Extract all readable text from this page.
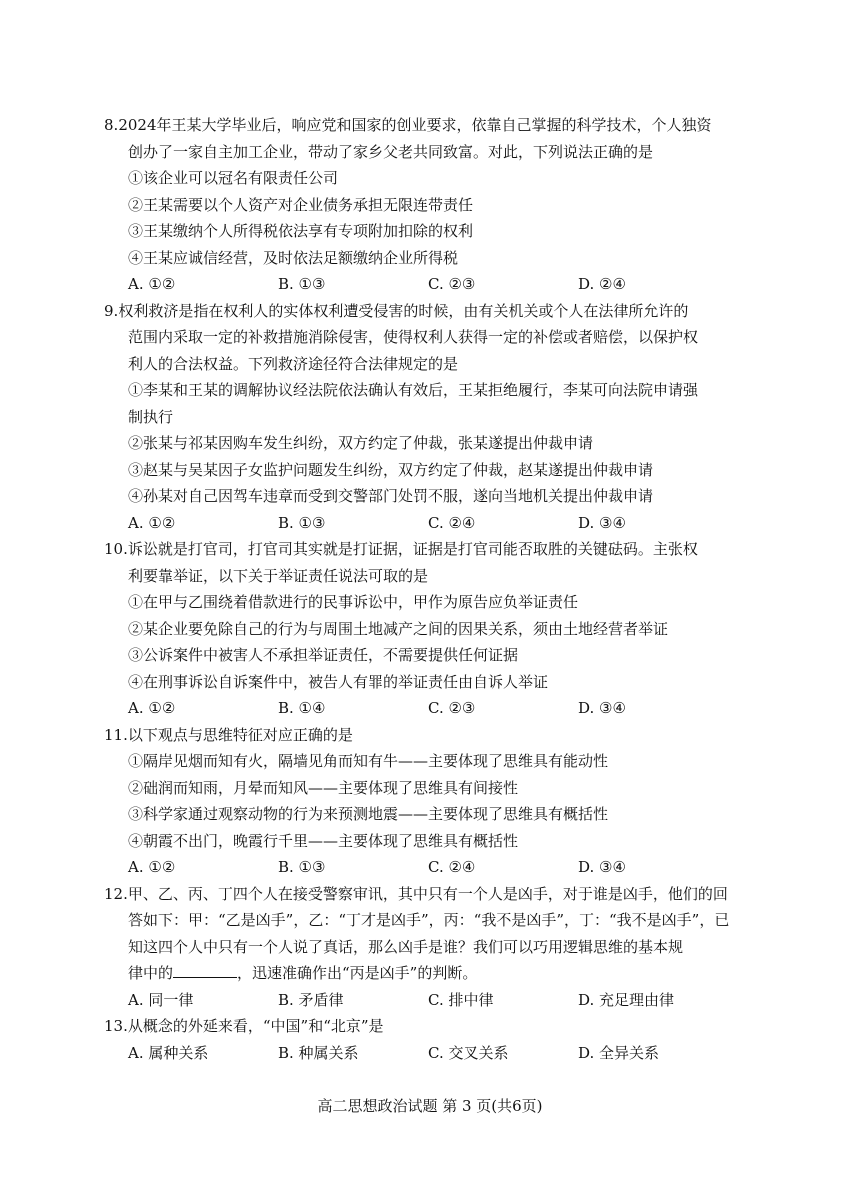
8.2024年王某大学毕业后，响应党和国家的创业要求，依靠自己掌握的科学技术，个人独资

创办了一家自主加工企业，带动了家乡父老共同致富。对此，下列说法正确的是

①该企业可以冠名有限责任公司

②王某需要以个人资产对企业债务承担无限连带责任

③王某缴纳个人所得税依法享有专项附加扣除的权利

④王某应诚信经营，及时依法足额缴纳企业所得税

A. ①②	B. ①③	C. ②③	D. ②④

9.权利救济是指在权利人的实体权利遭受侵害的时候，由有关机关或个人在法律所允许的

范围内采取一定的补救措施消除侵害，使得权利人获得一定的补偿或者赔偿，以保护权

利人的合法权益。下列救济途径符合法律规定的是

①李某和王某的调解协议经法院依法确认有效后，王某拒绝履行，李某可向法院申请强

制执行

②张某与祁某因购车发生纠纷，双方约定了仲裁，张某遂提出仲裁申请

③赵某与吴某因子女监护问题发生纠纷，双方约定了仲裁，赵某遂提出仲裁申请

④孙某对自己因驾车违章而受到交警部门处罚不服，遂向当地机关提出仲裁申请

A. ①②	B. ①③	C. ②④	D. ③④

10.诉讼就是打官司，打官司其实就是打证据，证据是打官司能否取胜的关键砝码。主张权

利要靠举证，以下关于举证责任说法可取的是

①在甲与乙围绕着借款进行的民事诉讼中，甲作为原告应负举证责任

②某企业要免除自己的行为与周围土地减产之间的因果关系，须由土地经营者举证

③公诉案件中被害人不承担举证责任，不需要提供任何证据

④在刑事诉讼自诉案件中，被告人有罪的举证责任由自诉人举证

A. ①②	B. ①④	C. ②③	D. ③④

11.以下观点与思维特征对应正确的是

①隔岸见烟而知有火，隔墙见角而知有牛——主要体现了思维具有能动性

②础润而知雨，月晕而知风——主要体现了思维具有间接性

③科学家通过观察动物的行为来预测地震——主要体现了思维具有概括性

④朝霞不出门，晚霞行千里——主要体现了思维具有概括性

A. ①②	B. ①③	C. ②④	D. ③④

12.甲、乙、丙、丁四个人在接受警察审讯，其中只有一个人是凶手，对于谁是凶手，他们的回

答如下：甲：“乙是凶手”，乙：“丁才是凶手”，丙：“我不是凶手”，丁：“我不是凶手”，已

知这四个人中只有一个人说了真话，那么凶手是谁？我们可以巧用逻辑思维的基本规

律中的	，迅速准确作出“丙是凶手”的判断。

A. 同一律	B. 矛盾律	C. 排中律	D. 充足理由律

13.从概念的外延来看，“中国”和“北京”是

A. 属种关系	B. 种属关系	C. 交叉关系	D. 全异关系
高二思想政治试题 第 3 页(共6页)
